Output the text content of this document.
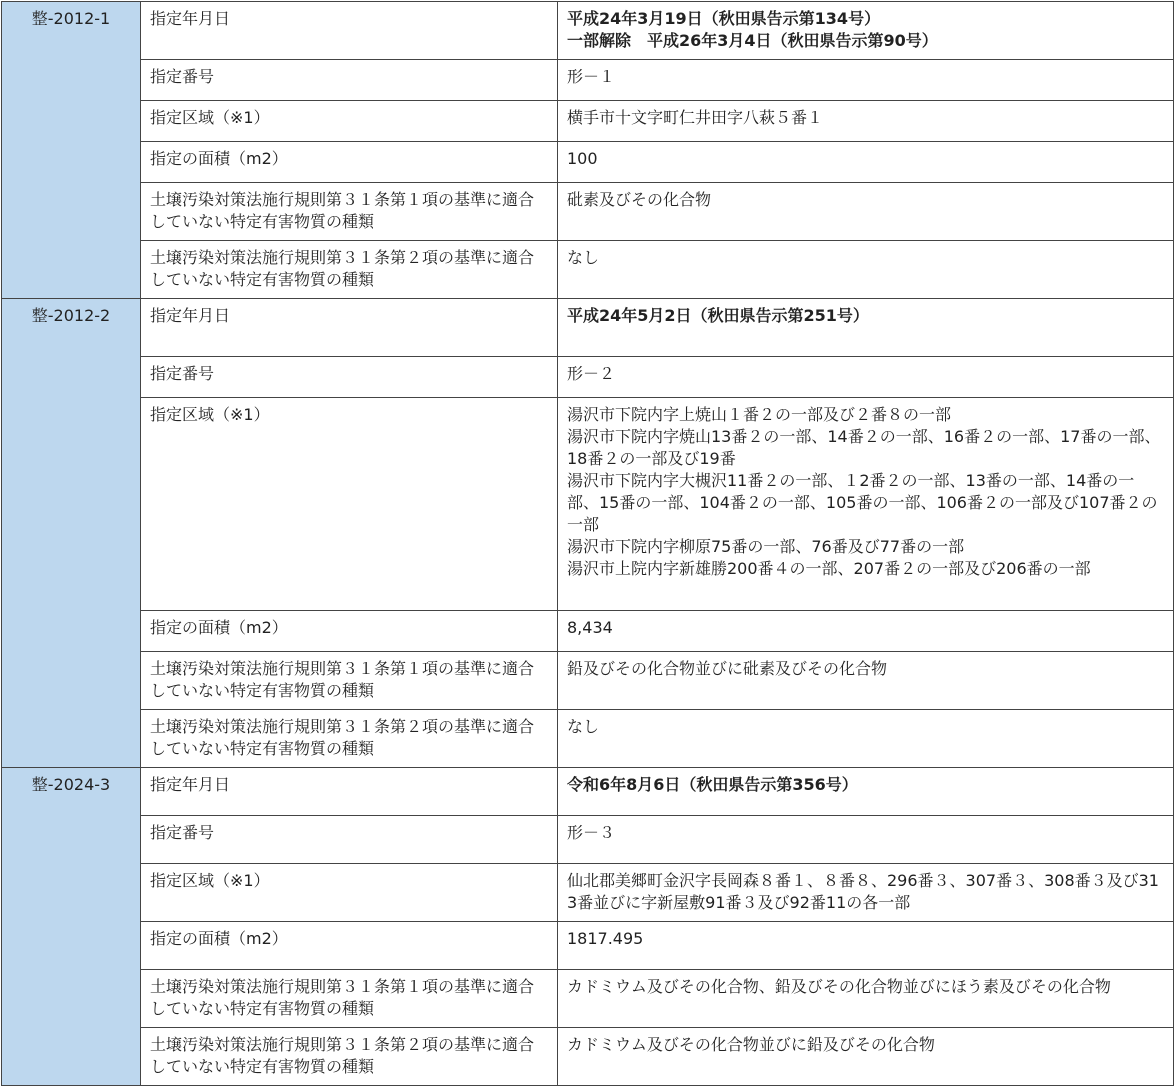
整-2012-1	指定年月日	平成24年3月19日（秋田県告示第134号）
一部解除　平成26年3月4日（秋田県告示第90号）

	指定番号	形－１
	指定区域（※1）	横手市十文字町仁井田字八萩５番１

	指定の面積（m2）	100
	土壌汚染対策法施行規則第３１条第１項の基準に適合していない特定有害物質の種類	砒素及びその化合物
	土壌汚染対策法施行規則第３１条第２項の基準に適合していない特定有害物質の種類	なし
整-2012-2	指定年月日	平成24年5月2日（秋田県告示第251号）

	指定番号	形－２
	指定区域（※1）	湯沢市下院内字上焼山１番２の一部及び２番８の一部
湯沢市下院内字焼山13番２の一部、14番２の一部、16番２の一部、17番の一部、18番２の一部及び19番
湯沢市下院内字大槻沢11番２の一部、１2番２の一部、13番の一部、14番の一部、15番の一部、104番２の一部、105番の一部、106番２の一部及び107番２の一部
湯沢市下院内字柳原75番の一部、76番及び77番の一部
湯沢市上院内字新雄勝200番４の一部、207番２の一部及び206番の一部

	指定の面積（m2）	8,434
	土壌汚染対策法施行規則第３１条第１項の基準に適合していない特定有害物質の種類	鉛及びその化合物並びに砒素及びその化合物
	土壌汚染対策法施行規則第３１条第２項の基準に適合していない特定有害物質の種類	なし
整-2024-3	指定年月日	令和6年8月6日（秋田県告示第356号）

	指定番号	形－３
	指定区域（※1）	仙北郡美郷町金沢字長岡森８番１、８番８、296番３、307番３、308番３及び313番並びに字新屋敷91番３及び92番11の各一部

	指定の面積（m2）	1817.495
	土壌汚染対策法施行規則第３１条第１項の基準に適合していない特定有害物質の種類	カドミウム及びその化合物、鉛及びその化合物並びにほう素及びその化合物
	土壌汚染対策法施行規則第３１条第２項の基準に適合していない特定有害物質の種類	カドミウム及びその化合物並びに鉛及びその化合物
